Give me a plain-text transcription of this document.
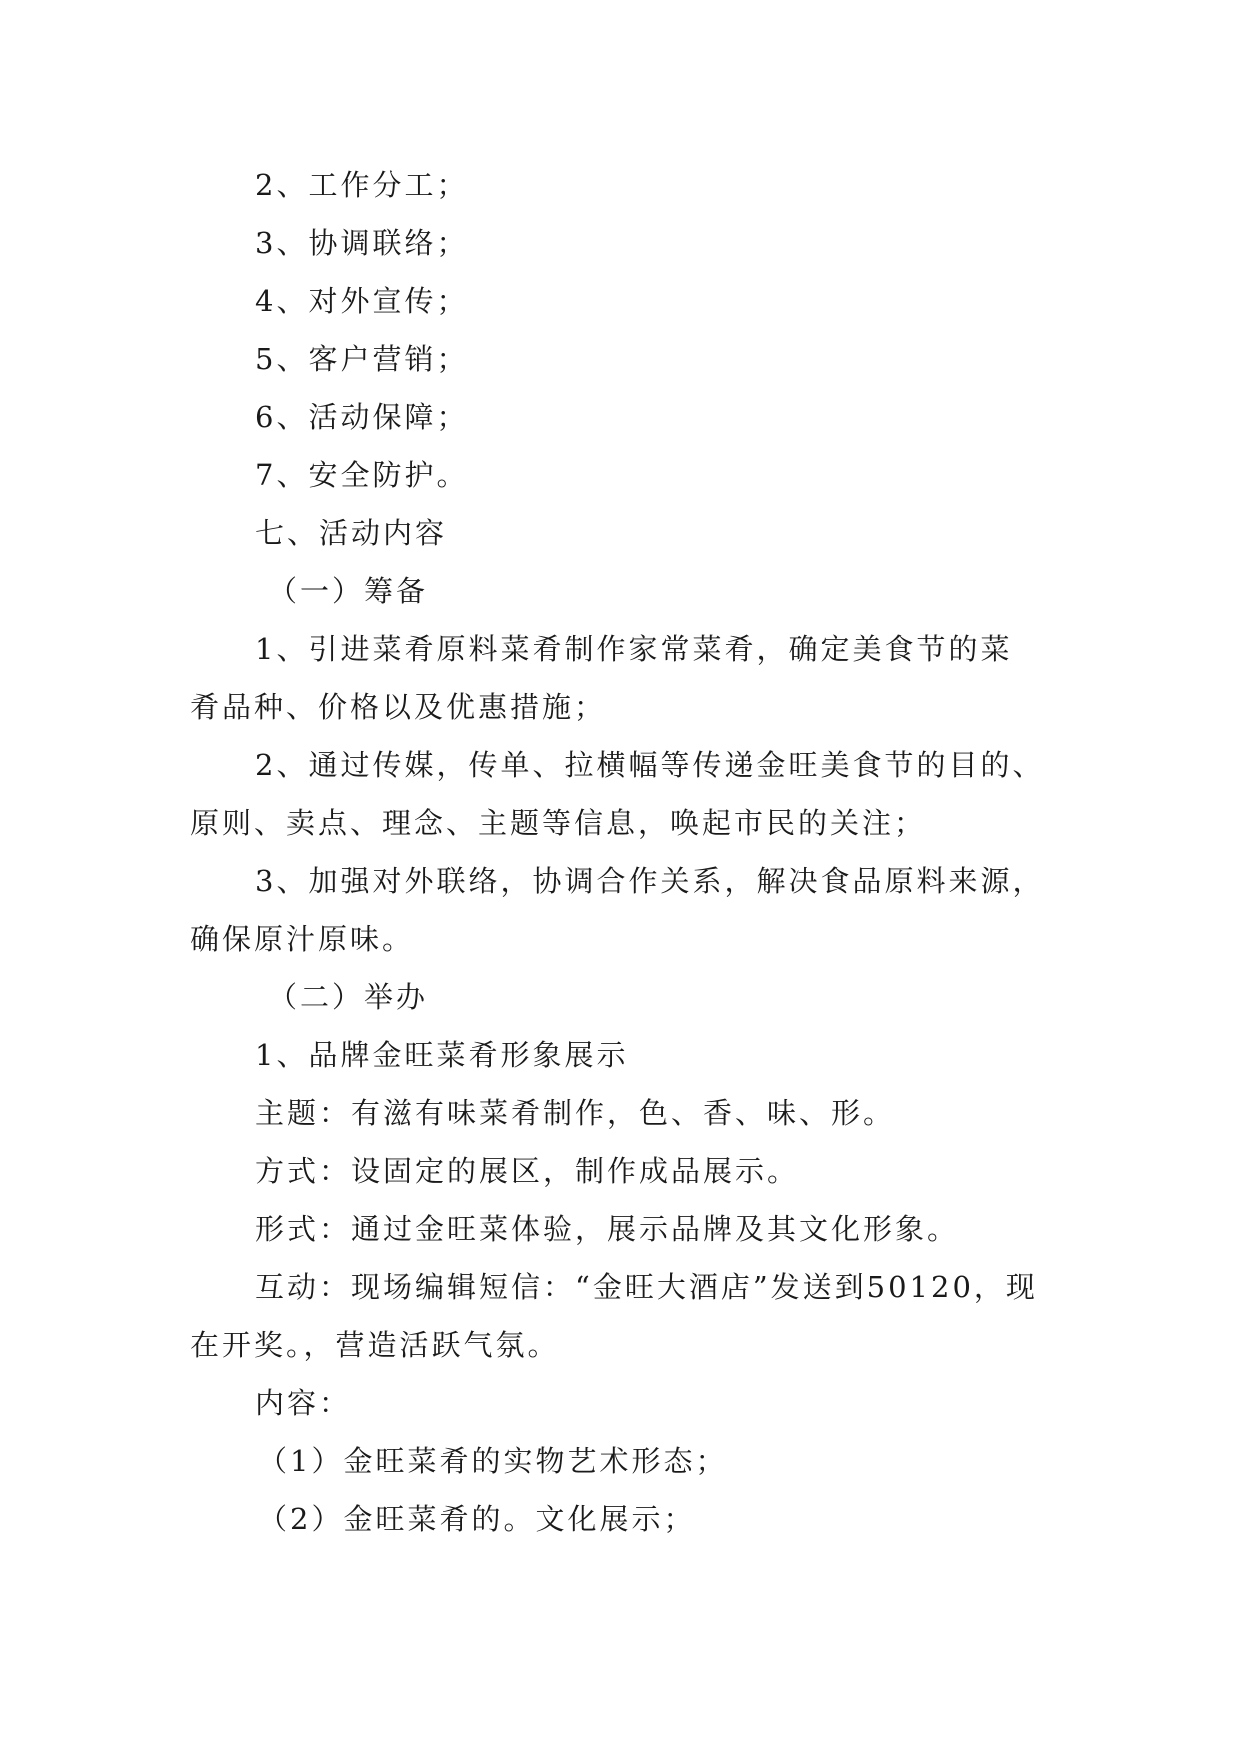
2、工作分工；
3、协调联络；
4、对外宣传；
5、客户营销；
6、活动保障；
7、安全防护。
七、活动内容
（一）筹备
1、引进菜肴原料菜肴制作家常菜肴，确定美食节的菜
肴品种、价格以及优惠措施；
2、通过传媒，传单、拉横幅等传递金旺美食节的目的、
原则、卖点、理念、主题等信息，唤起市民的关注；
3、加强对外联络，协调合作关系，解决食品原料来源，
确保原汁原味。
（二）举办
1、品牌金旺菜肴形象展示
主题：有滋有味菜肴制作，色、香、味、形。
方式：设固定的展区，制作成品展示。
形式：通过金旺菜体验，展示品牌及其文化形象。
互动：现场编辑短信：“金旺大酒店”发送到50120，现
在开奖。，营造活跃气氛。
内容：
（1）金旺菜肴的实物艺术形态；
（2）金旺菜肴的。文化展示；
